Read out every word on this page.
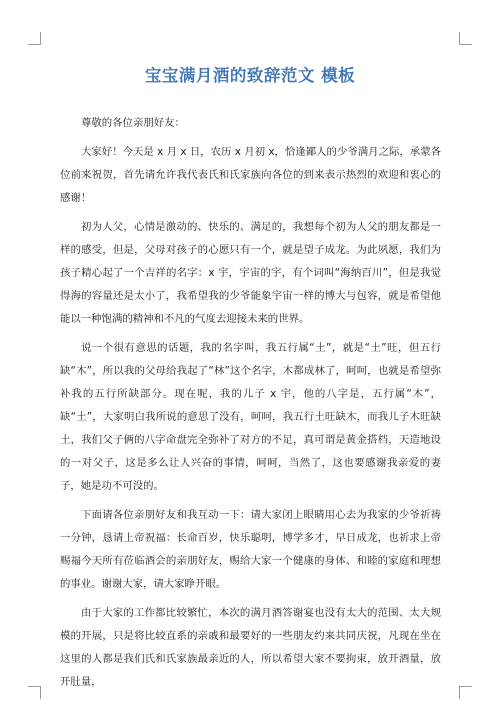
宝宝满月酒的致辞范文 模板

尊敬的各位亲朋好友：

大家好！今天是 x 月 x 日，农历 x 月初 x，恰逢鄙人的少爷满月之际，承蒙各位前来祝贺，首先请允许我代表氏和氏家族向各位的到来表示热烈的欢迎和衷心的感谢！

初为人父，心情是激动的、快乐的、满足的，我想每个初为人父的朋友都是一样的感受，但是，父母对孩子的心愿只有一个，就是望子成龙。为此夙愿，我们为孩子精心起了一个吉祥的名字：x 宇，宇宙的宇，有个词叫“海纳百川”，但是我觉得海的容量还是太小了，我希望我的少爷能象宇宙一样的博大与包容，就是希望他能以一种饱满的精神和不凡的气度去迎接未来的世界。

说一个很有意思的话题，我的名字叫，我五行属“土”，就是“土”旺，但五行缺“木”，所以我的父母给我起了“林”这个名字，木都成林了，呵呵，也就是希望弥补我的五行所缺部分。现在呢，我的儿子 x 宇，他的八字是，五行属“木”，缺“土”，大家明白我所说的意思了没有，呵呵，我五行土旺缺木，而我儿子木旺缺土，我们父子俩的八字命盘完全弥补了对方的不足，真可谓是黄金搭档，天造地设的一对父子，这是多么让人兴奋的事情，呵呵，当然了，这也要感谢我亲爱的妻子，她是功不可没的。

下面请各位亲朋好友和我互动一下：请大家闭上眼睛用心去为我家的少爷祈祷一分钟，恳请上帝祝福：长命百岁，快乐聪明，博学多才，早日成龙，也祈求上帝赐福今天所有莅临酒会的亲朋好友，赐给大家一个健康的身体、和睦的家庭和理想的事业。谢谢大家，请大家睁开眼。

由于大家的工作都比较繁忙，本次的满月酒答谢宴也没有太大的范围、太大规模的开展，只是将比较直系的亲戚和最要好的一些朋友约来共同庆祝，凡现在坐在这里的人都是我们氏和氏家族最亲近的人，所以希望大家不要拘束，放开酒量，放开肚量，
